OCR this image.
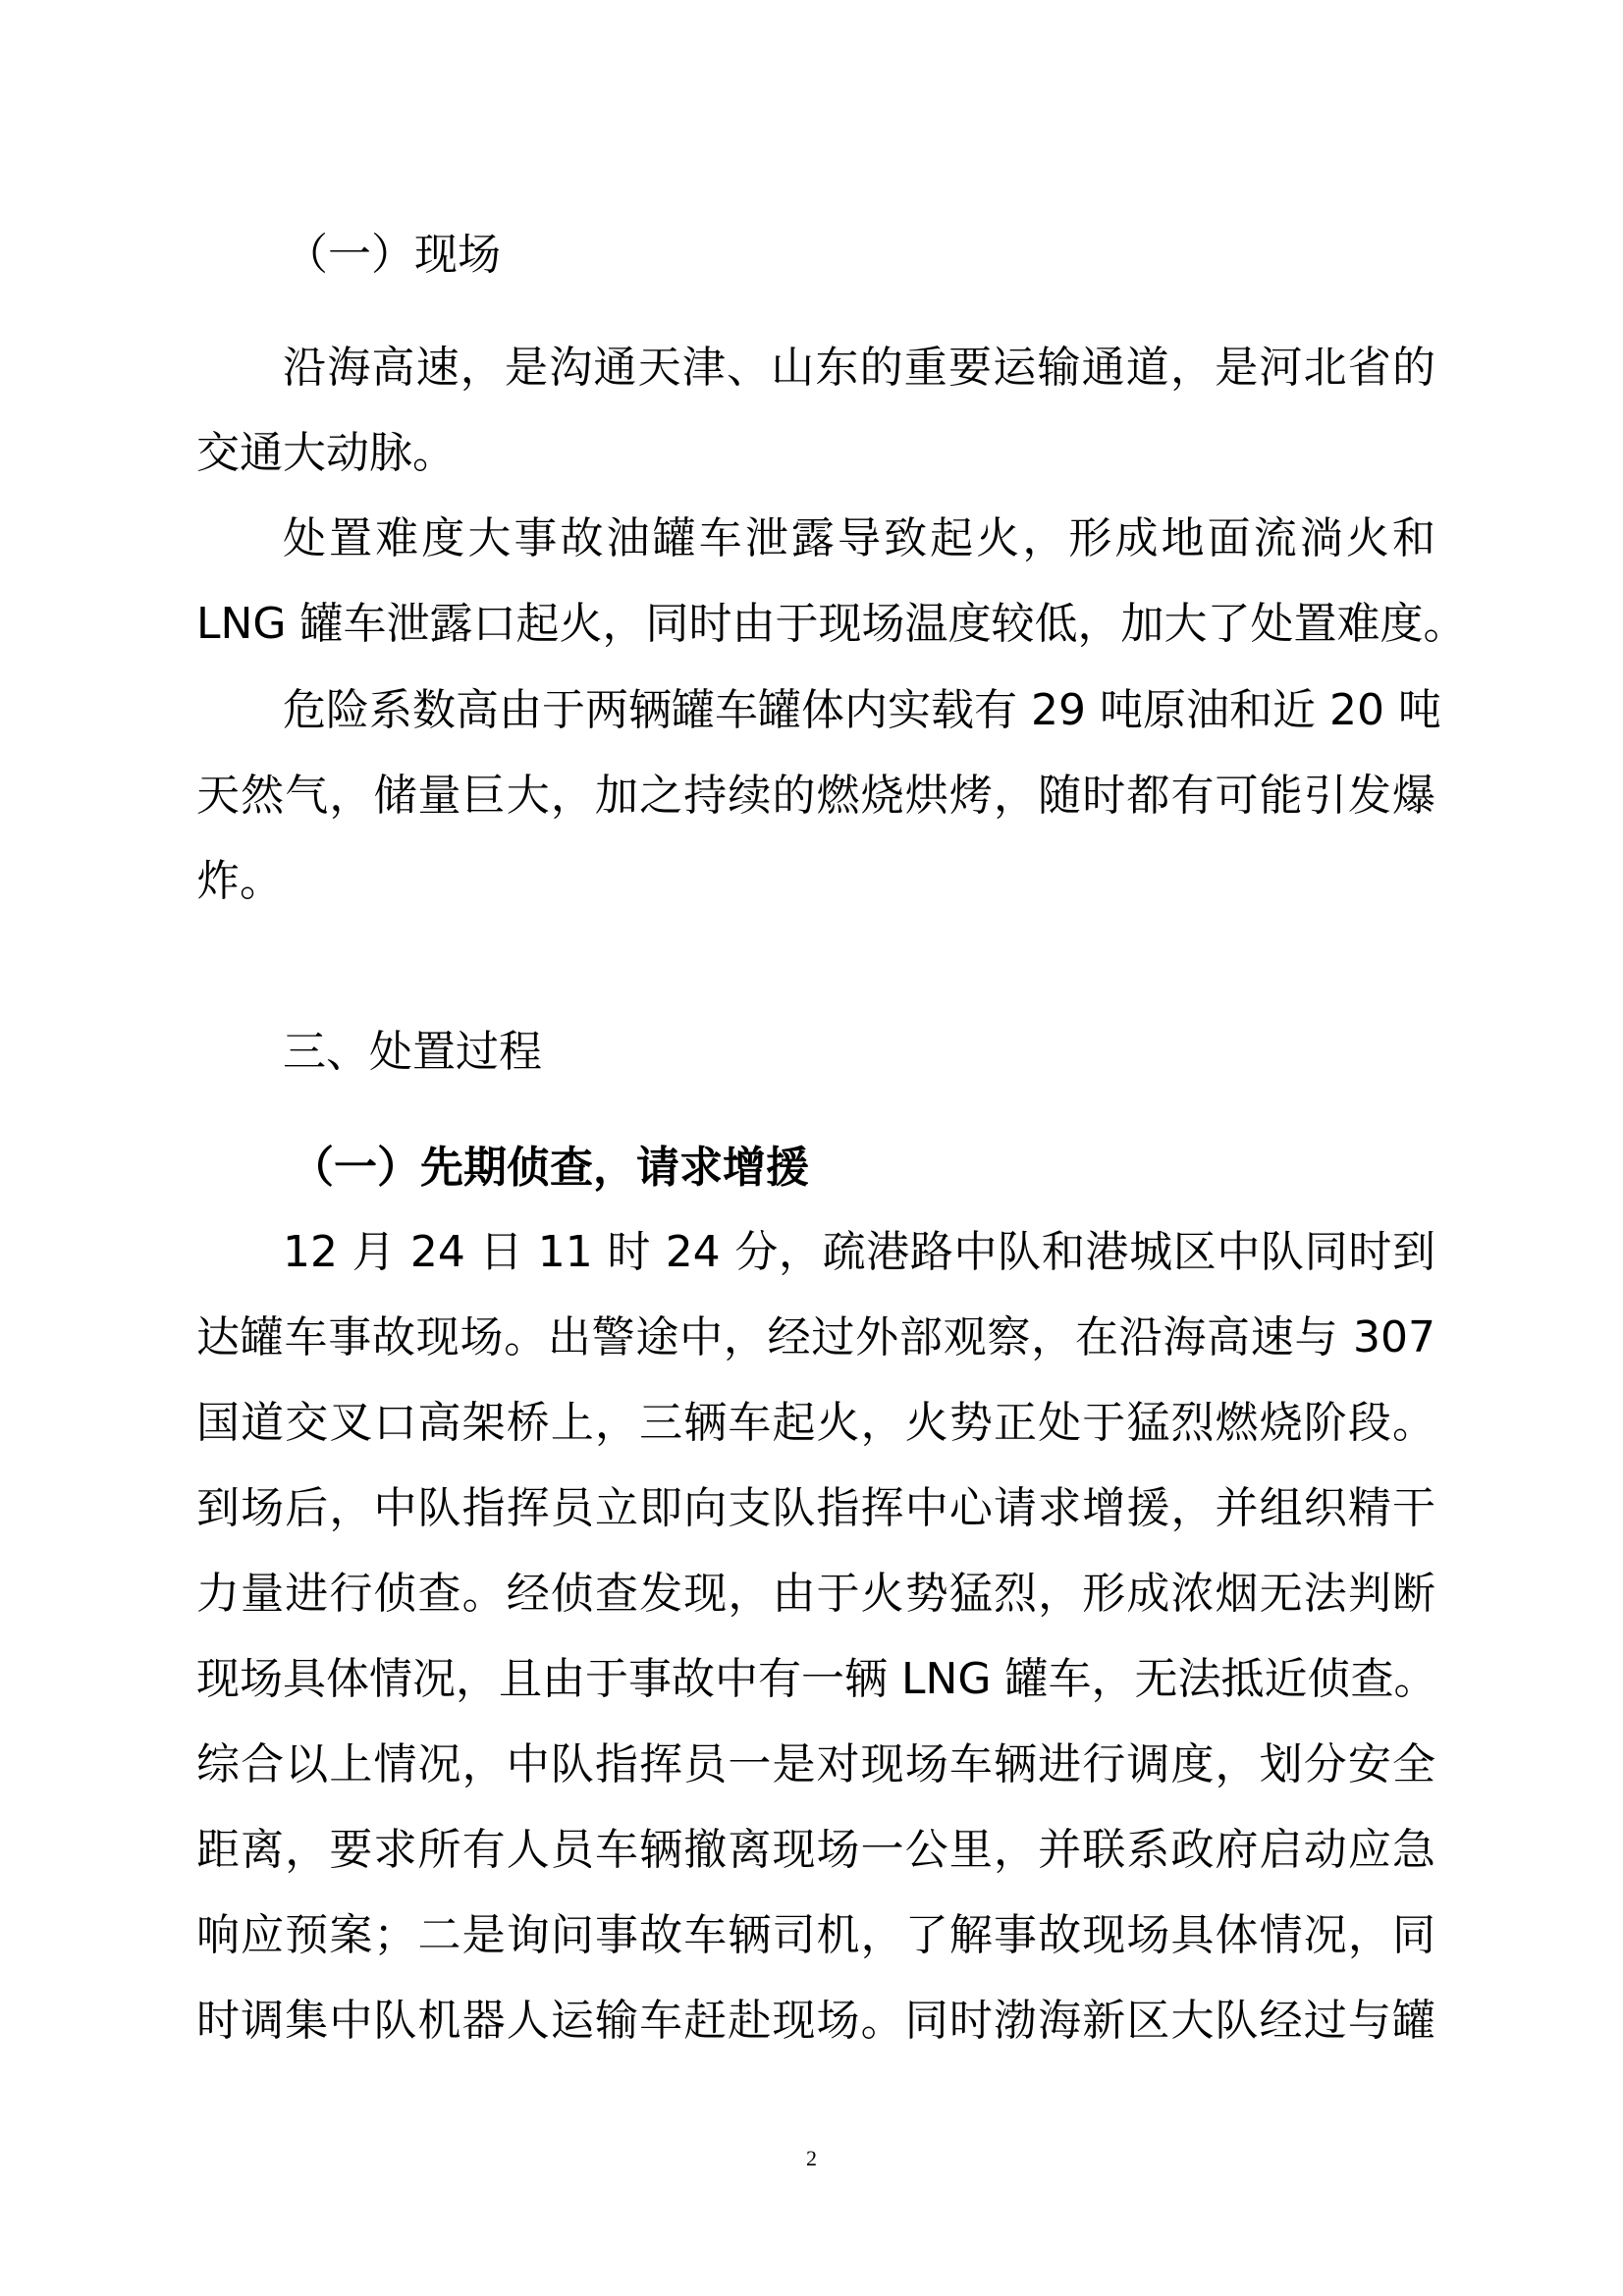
（一）现场
沿海高速，是沟通天津、山东的重要运输通道，是河北省的
交通大动脉。
处置难度大事故油罐车泄露导致起火，形成地面流淌火和
LNG 罐车泄露口起火，同时由于现场温度较低，加大了处置难度。
危险系数高由于两辆罐车罐体内实载有 29 吨原油和近 20 吨
天然气，储量巨大，加之持续的燃烧烘烤，随时都有可能引发爆
炸。
三、处置过程
（一）先期侦查，请求增援
12 月 24 日 11 时 24 分，疏港路中队和港城区中队同时到
达罐车事故现场。出警途中，经过外部观察，在沿海高速与 307
国道交叉口高架桥上，三辆车起火，火势正处于猛烈燃烧阶段。
到场后，中队指挥员立即向支队指挥中心请求增援，并组织精干
力量进行侦查。经侦查发现，由于火势猛烈，形成浓烟无法判断
现场具体情况，且由于事故中有一辆 LNG 罐车，无法抵近侦查。
综合以上情况，中队指挥员一是对现场车辆进行调度，划分安全
距离，要求所有人员车辆撤离现场一公里，并联系政府启动应急
响应预案；二是询问事故车辆司机，了解事故现场具体情况，同
时调集中队机器人运输车赶赴现场。同时渤海新区大队经过与罐
2
